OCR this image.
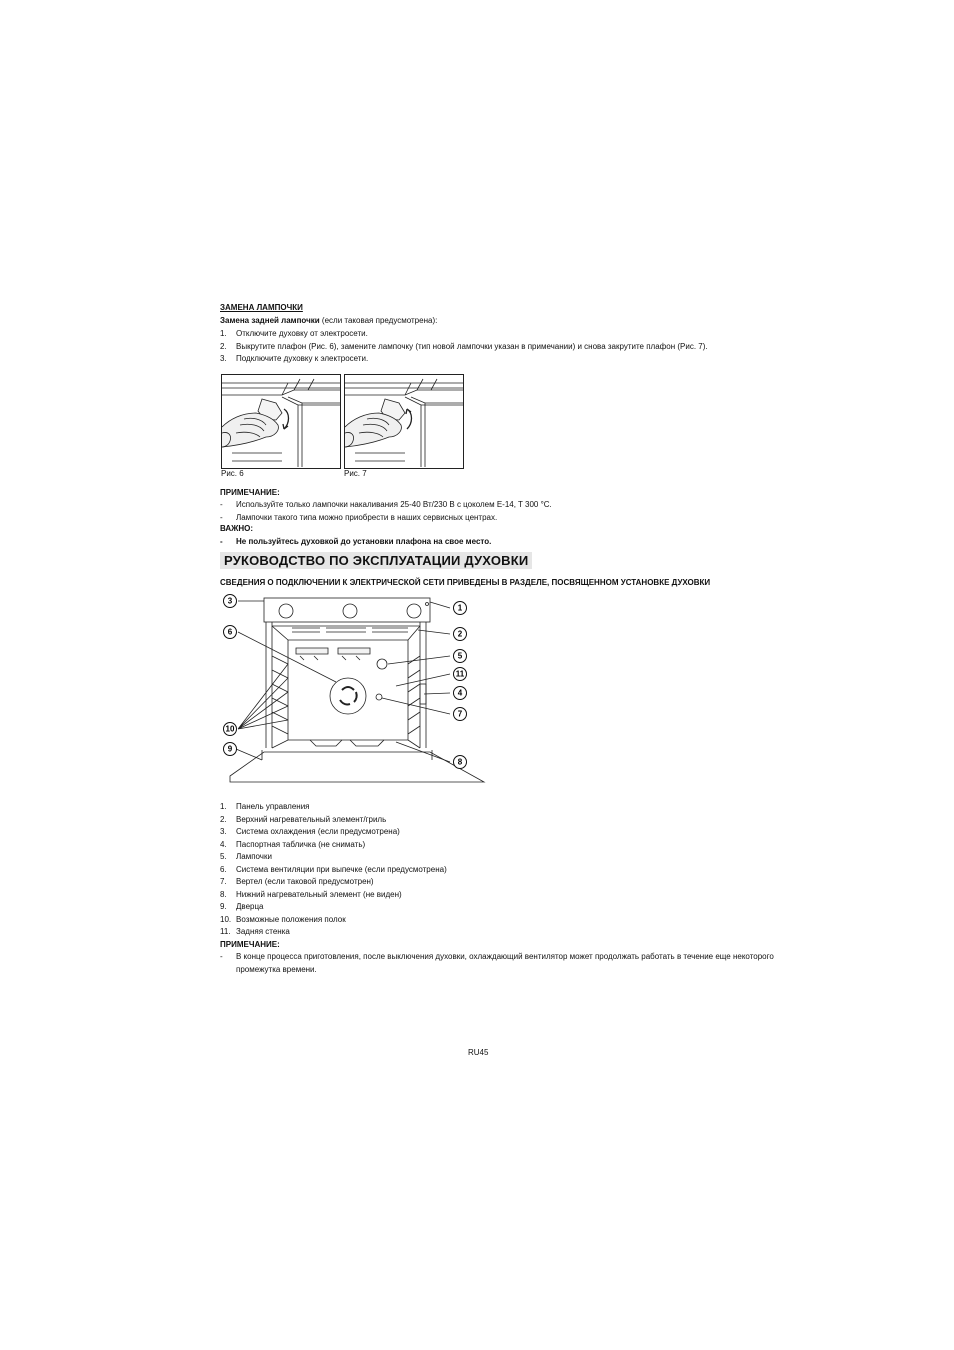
ЗАМЕНА ЛАМПОЧКИ
Замена задней лампочки (если таковая предусмотрена):
1. Отключите духовку от электросети.
2. Выкрутите плафон (Рис. 6), замените лампочку (тип новой лампочки указан в примечании) и снова закрутите плафон (Рис. 7).
3. Подключите духовку к электросети.
Рис. 6	Рис. 7
ПРИМЕЧАНИЕ:
- Используйте только лампочки накаливания 25-40 Вт/230 В с цоколем E-14, T 300 °C.
- Лампочки такого типа можно приобрести в наших сервисных центрах.
ВАЖНО:
- Не пользуйтесь духовкой до установки плафона на свое место.
РУКОВОДСТВО ПО ЭКСПЛУАТАЦИИ ДУХОВКИ
СВЕДЕНИЯ О ПОДКЛЮЧЕНИИ К ЭЛЕКТРИЧЕСКОЙ СЕТИ ПРИВЕДЕНЫ В РАЗДЕЛЕ, ПОСВЯЩЕННОМ УСТАНОВКЕ ДУХОВКИ
3
1
6	2
5
11
4
7
10
9
8
1. Панель управления
2. Верхний нагревательный элемент/гриль
3. Система охлаждения (если предусмотрена)
4. Паспортная табличка (не снимать)
5. Лампочки
6. Система вентиляции при выпечке (если предусмотрена)
7. Вертел (если таковой предусмотрен)
8. Нижний нагревательный элемент (не виден)
9. Дверца
10. Возможные положения полок
11. Задняя стенка
ПРИМЕЧАНИЕ:
- В конце процесса приготовления, после выключения духовки, охлаждающий вентилятор может продолжать работать в течение еще некоторого
промежутка времени.
RU45
